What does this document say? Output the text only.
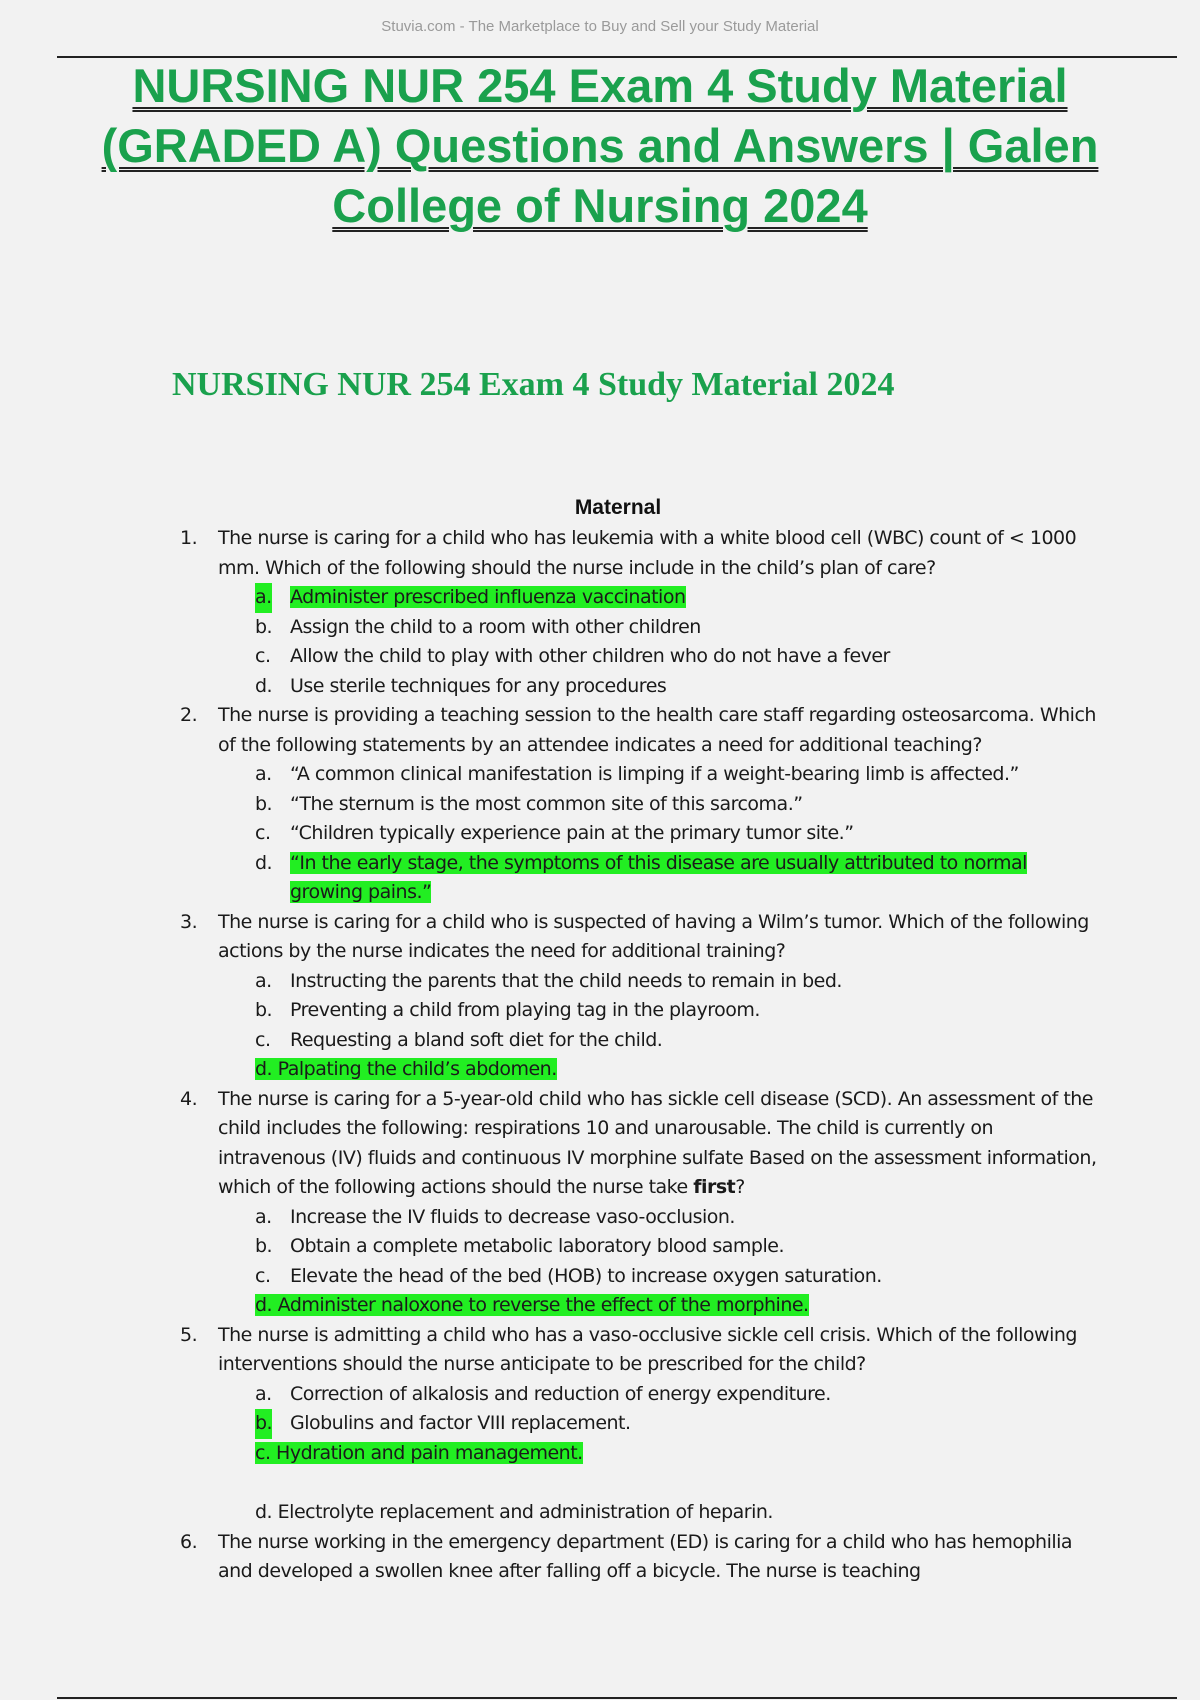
Stuvia.com - The Marketplace to Buy and Sell your Study Material
NURSING NUR 254 Exam 4 Study Material
(GRADED A) Questions and Answers | Galen
College of Nursing 2024
NURSING NUR 254 Exam 4 Study Material 2024
Maternal
1. The nurse is caring for a child who has leukemia with a white blood cell (WBC) count of < 1000 mm. Which of the following should the nurse include in the child’s plan of care?
a. Administer prescribed influenza vaccination
b. Assign the child to a room with other children
c. Allow the child to play with other children who do not have a fever
d. Use sterile techniques for any procedures
2. The nurse is providing a teaching session to the health care staff regarding osteosarcoma. Which of the following statements by an attendee indicates a need for additional teaching?
a. “A common clinical manifestation is limping if a weight-bearing limb is affected.”
b. “The sternum is the most common site of this sarcoma.”
c. “Children typically experience pain at the primary tumor site.”
d. “In the early stage, the symptoms of this disease are usually attributed to normal growing pains.”
3. The nurse is caring for a child who is suspected of having a Wilm’s tumor. Which of the following actions by the nurse indicates the need for additional training?
a. Instructing the parents that the child needs to remain in bed.
b. Preventing a child from playing tag in the playroom.
c. Requesting a bland soft diet for the child.
d. Palpating the child’s abdomen.
4. The nurse is caring for a 5-year-old child who has sickle cell disease (SCD). An assessment of the child includes the following: respirations 10 and unarousable. The child is currently on intravenous (IV) fluids and continuous IV morphine sulfate Based on the assessment information, which of the following actions should the nurse take first?
a. Increase the IV fluids to decrease vaso-occlusion.
b. Obtain a complete metabolic laboratory blood sample.
c. Elevate the head of the bed (HOB) to increase oxygen saturation.
d. Administer naloxone to reverse the effect of the morphine.
5. The nurse is admitting a child who has a vaso-occlusive sickle cell crisis. Which of the following interventions should the nurse anticipate to be prescribed for the child?
a. Correction of alkalosis and reduction of energy expenditure.
b. Globulins and factor VIII replacement.
c. Hydration and pain management.
d. Electrolyte replacement and administration of heparin.
6. The nurse working in the emergency department (ED) is caring for a child who has hemophilia and developed a swollen knee after falling off a bicycle. The nurse is teaching
